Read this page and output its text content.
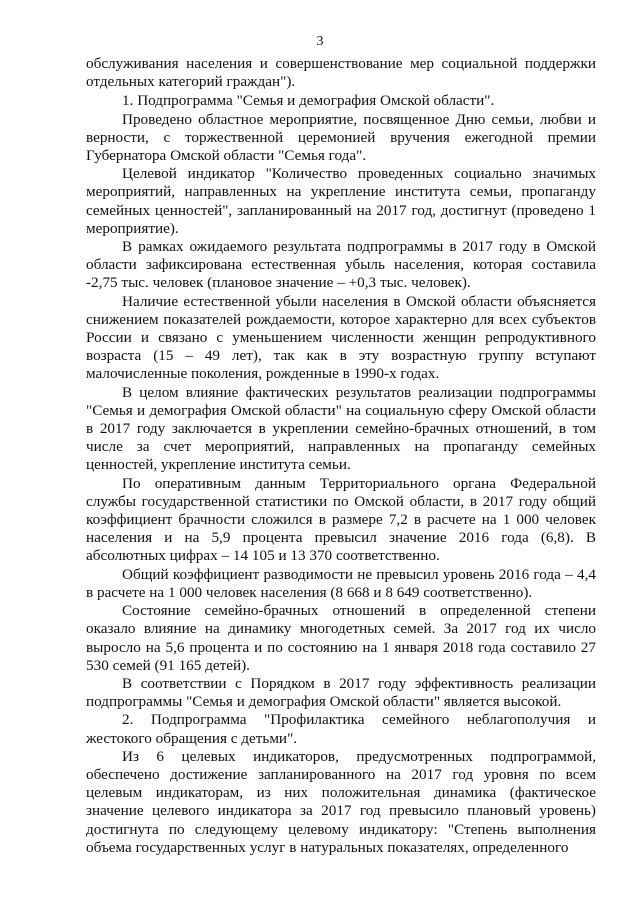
3

обслуживания населения и совершенствование мер социальной поддержки отдельных категорий граждан").

1. Подпрограмма "Семья и демография Омской области".

Проведено областное мероприятие, посвященное Дню семьи, любви и верности, с торжественной церемонией вручения ежегодной премии Губернатора Омской области "Семья года".

Целевой индикатор "Количество проведенных социально значимых мероприятий, направленных на укрепление института семьи, пропаганду семейных ценностей", запланированный на 2017 год, достигнут (проведено 1 мероприятие).

В рамках ожидаемого результата подпрограммы в 2017 году в Омской области зафиксирована естественная убыль населения, которая составила -2,75 тыс. человек (плановое значение – +0,3 тыс. человек).

Наличие естественной убыли населения в Омской области объясняется снижением показателей рождаемости, которое характерно для всех субъектов России и связано с уменьшением численности женщин репродуктивного возраста (15 – 49 лет), так как в эту возрастную группу вступают малочисленные поколения, рожденные в 1990-х годах.

В целом влияние фактических результатов реализации подпрограммы "Семья и демография Омской области" на социальную сферу Омской области в 2017 году заключается в укреплении семейно-брачных отношений, в том числе за счет мероприятий, направленных на пропаганду семейных ценностей, укрепление института семьи.

По оперативным данным Территориального органа Федеральной службы государственной статистики по Омской области, в 2017 году общий коэффициент брачности сложился в размере 7,2 в расчете на 1 000 человек населения и на 5,9 процента превысил значение 2016 года (6,8). В абсолютных цифрах – 14 105 и 13 370 соответственно.

Общий коэффициент разводимости не превысил уровень 2016 года – 4,4 в расчете на 1 000 человек населения (8 668 и 8 649 соответственно).

Состояние семейно-брачных отношений в определенной степени оказало влияние на динамику многодетных семей. За 2017 год их число выросло на 5,6 процента и по состоянию на 1 января 2018 года составило 27 530 семей (91 165 детей).

В соответствии с Порядком в 2017 году эффективность реализации подпрограммы "Семья и демография Омской области" является высокой.

2. Подпрограмма "Профилактика семейного неблагополучия и жестокого обращения с детьми".

Из 6 целевых индикаторов, предусмотренных подпрограммой, обеспечено достижение запланированного на 2017 год уровня по всем целевым индикаторам, из них положительная динамика (фактическое значение целевого индикатора за 2017 год превысило плановый уровень) достигнута по следующему целевому индикатору: "Степень выполнения объема государственных услуг в натуральных показателях, определенного
